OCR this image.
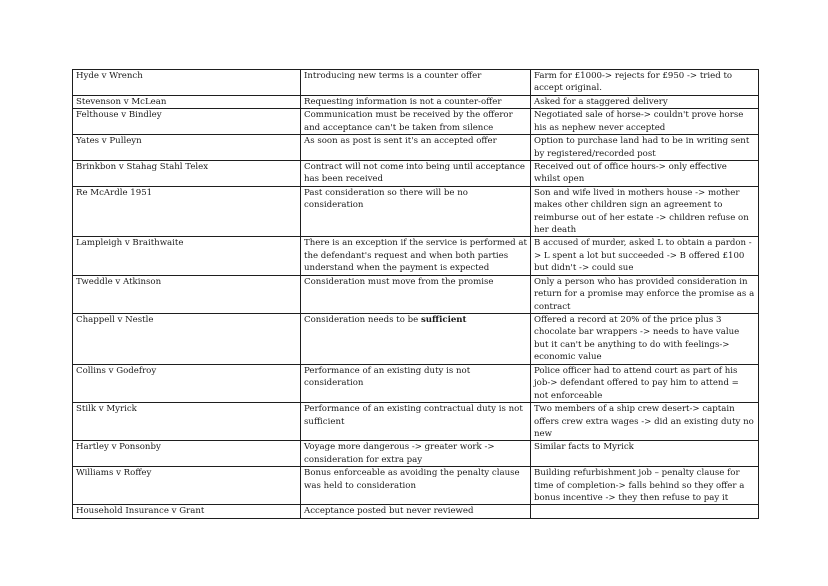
Hyde v Wrench	Introducing new terms is a counter offer	Farm for £1000-> rejects for £950 -> tried to accept original.
Stevenson v McLean	Requesting information is not a counter-offer	Asked for a staggered delivery
Felthouse v Bindley	Communication must be received by the offeror and acceptance can't be taken from silence	Negotiated sale of horse-> couldn't prove horse his as nephew never accepted
Yates v Pulleyn	As soon as post is sent it's an accepted offer	Option to purchase land had to be in writing sent by registered/recorded post
Brinkbon v Stahag Stahl Telex	Contract will not come into being until acceptance has been received	Received out of office hours-> only effective whilst open
Re McArdle 1951	Past consideration so there will be no consideration	Son and wife lived in mothers house -> mother makes other children sign an agreement to reimburse out of her estate -> children refuse on her death
Lampleigh v Braithwaite	There is an exception if the service is performed at the defendant's request and when both parties understand when the payment is expected	B accused of murder, asked L to obtain a pardon -> L spent a lot but succeeded -> B offered £100 but didn't -> could sue
Tweddle v Atkinson	Consideration must move from the promise	Only a person who has provided consideration in return for a promise may enforce the promise as a contract
Chappell v Nestle	Consideration needs to be sufficient	Offered a record at 20% of the price plus 3 chocolate bar wrappers -> needs to have value but it can't be anything to do with feelings-> economic value
Collins v Godefroy	Performance of an existing duty is not consideration	Police officer had to attend court as part of his job-> defendant offered to pay him to attend = not enforceable
Stilk v Myrick	Performance of an existing contractual duty is not sufficient	Two members of a ship crew desert-> captain offers crew extra wages -> did an existing duty no new
Hartley v Ponsonby	Voyage more dangerous -> greater work -> consideration for extra pay	Similar facts to Myrick
Williams v Roffey	Bonus enforceable as avoiding the penalty clause was held to consideration	Building refurbishment job – penalty clause for time of completion-> falls behind so they offer a bonus incentive -> they then refuse to pay it
Household Insurance v Grant	Acceptance posted but never reviewed	
